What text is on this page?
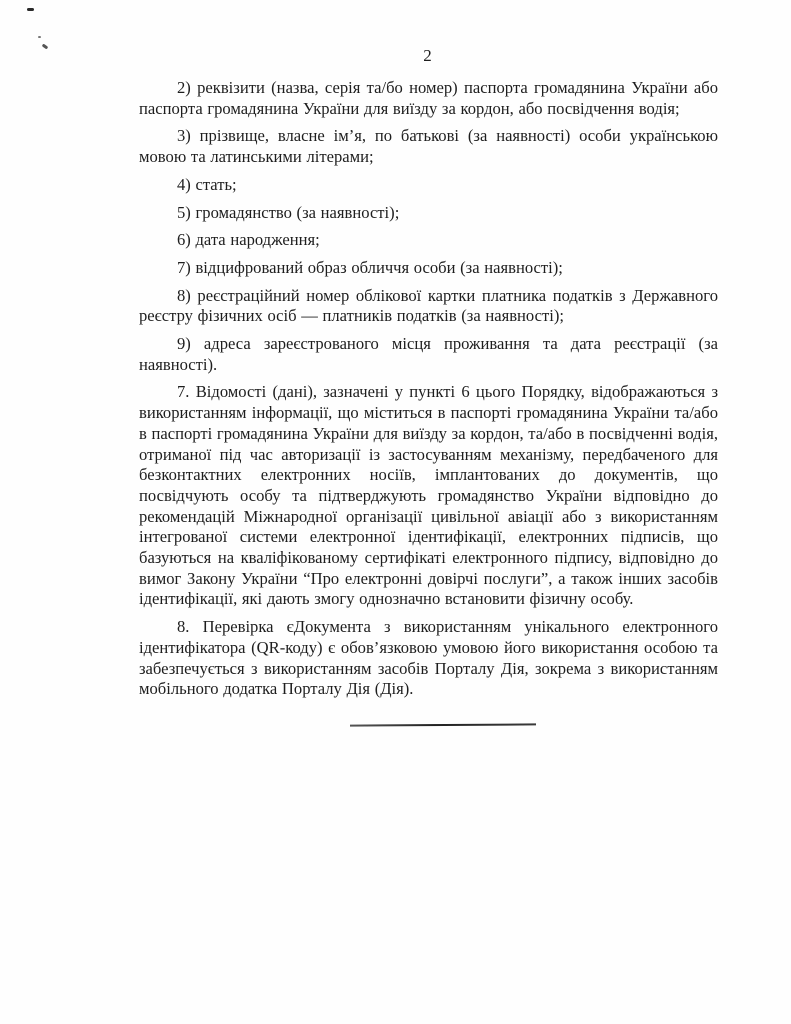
2

2) реквізити (назва, серія та/бо номер) паспорта громадянина України або паспорта громадянина України для виїзду за кордон, або посвідчення водія;

3) прізвище, власне ім’я, по батькові (за наявності) особи українською мовою та латинськими літерами;

4) стать;

5) громадянство (за наявності);

6) дата народження;

7) відцифрований образ обличчя особи (за наявності);

8) реєстраційний номер облікової картки платника податків з Державного реєстру фізичних осіб — платників податків (за наявності);

9) адреса зареєстрованого місця проживання та дата реєстрації (за наявності).

7. Відомості (дані), зазначені у пункті 6 цього Порядку, відображаються з використанням інформації, що міститься в паспорті громадянина України та/або в паспорті громадянина України для виїзду за кордон, та/або в посвідченні водія, отриманої під час авторизації із застосуванням механізму, передбаченого для безконтактних електронних носіїв, імплантованих до документів, що посвідчують особу та підтверджують громадянство України відповідно до рекомендацій Міжнародної організації цивільної авіації або з використанням інтегрованої системи електронної ідентифікації, електронних підписів, що базуються на кваліфікованому сертифікаті електронного підпису, відповідно до вимог Закону України “Про електронні довірчі послуги”, а також інших засобів ідентифікації, які дають змогу однозначно встановити фізичну особу.

8. Перевірка єДокумента з використанням унікального електронного ідентифікатора (QR-коду) є обов’язковою умовою його використання особою та забезпечується з використанням засобів Порталу Дія, зокрема з використанням мобільного додатка Порталу Дія (Дія).
